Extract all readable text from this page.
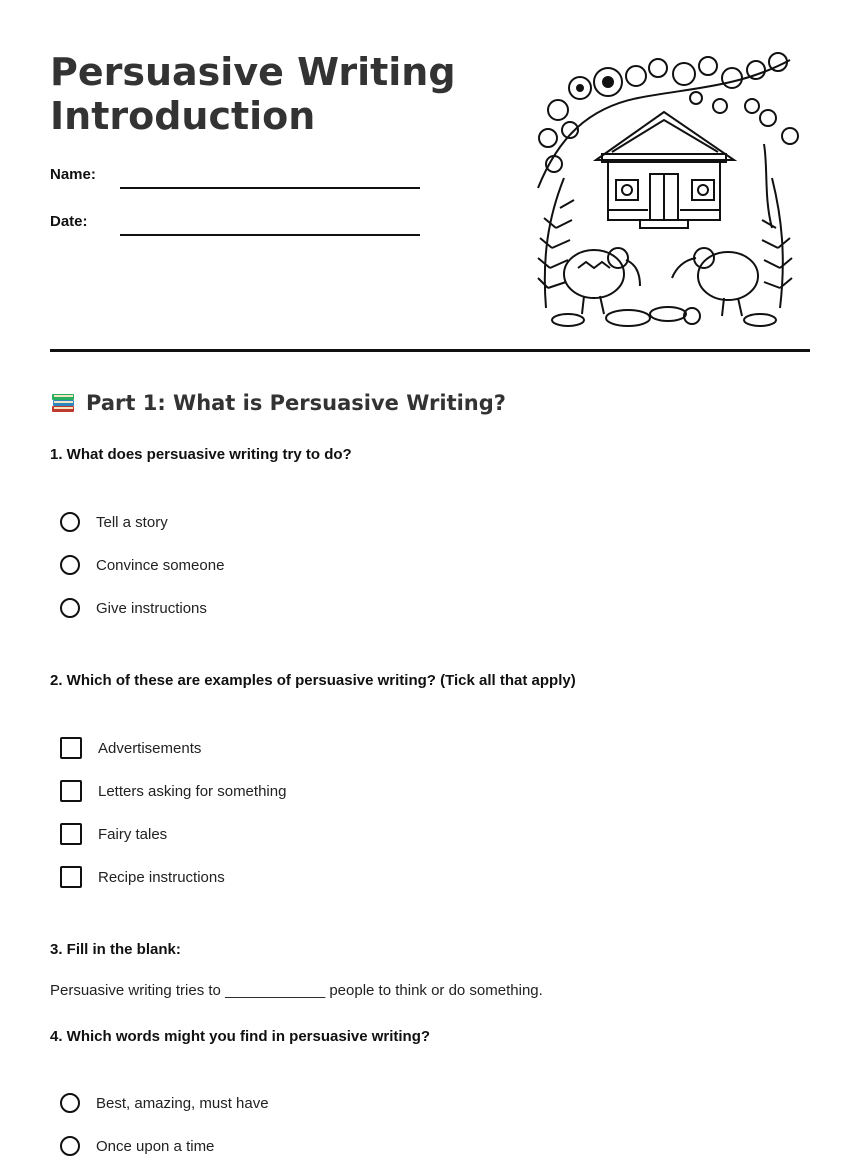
Persuasive Writing
Introduction
Name:
Date:
Part 1: What is Persuasive Writing?

1. What does persuasive writing try to do?

Tell a story
Convince someone
Give instructions

2. Which of these are examples of persuasive writing? (Tick all that apply)

Advertisements
Letters asking for something
Fairy tales
Recipe instructions

3. Fill in the blank:

Persuasive writing tries to ____________ people to think or do something.

4. Which words might you find in persuasive writing?

Best, amazing, must have
Once upon a time
